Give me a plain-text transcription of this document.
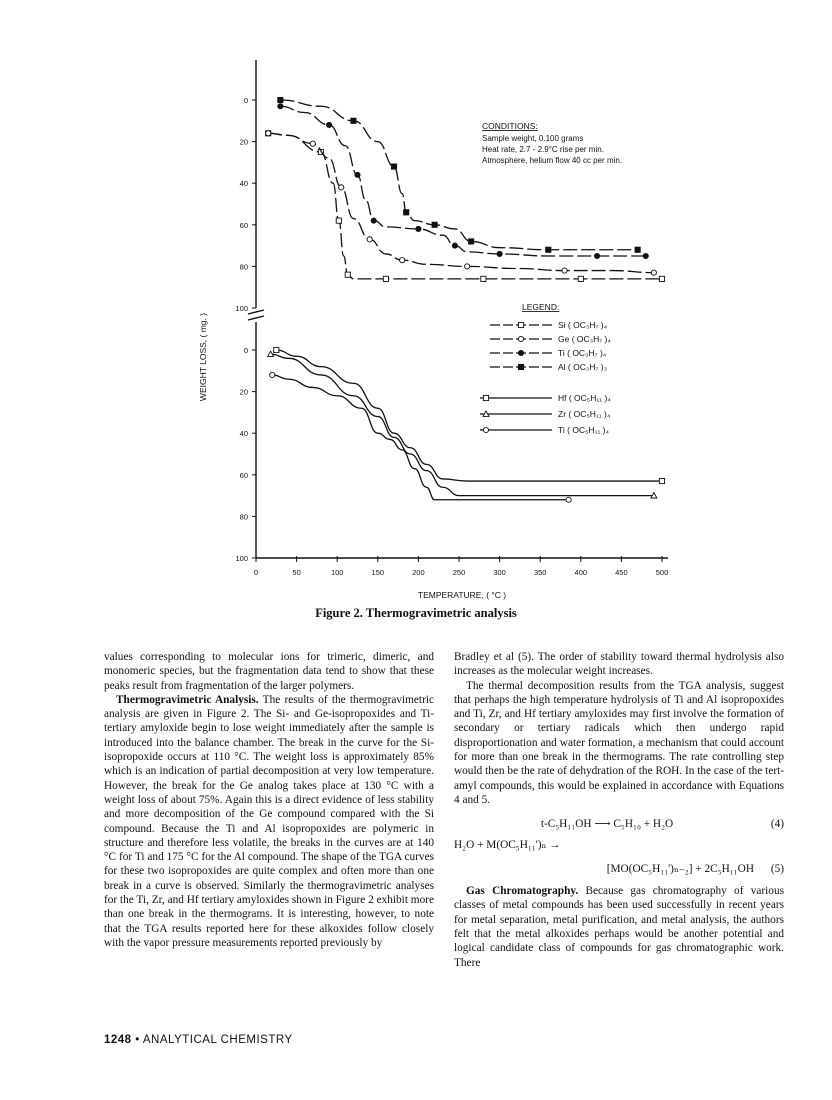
0	50	100	150	200	250	300	350	400	450	500
0
20
40
60
80
100
0
20
40
60
80
100
CONDITIONS:
Sample weight, 0.100 grams
Heat rate, 2.7 - 2.9°C rise per min.
Atmosphere, helium flow 40 cc per min.
LEGEND:
Si ( OC₃H₇ )₄
Ge ( OC₃H₇ )₄
Ti ( OC₃H₇ )₄
Al ( OC₃H₇ )₃
Hf ( OC₅H₁₁ )₄
Zr ( OC₅H₁₁ )₄
Ti ( OC₅H₁₁ )₄
WEIGHT LOSS, ( mg. )
TEMPERATURE, ( °C )
Figure 2. Thermogravimetric analysis

values corresponding to molecular ions for trimeric, dimeric, and monomeric species, but the fragmentation data tend to show that these peaks result from fragmentation of the larger polymers.

Thermogravimetric Analysis. The results of the thermogravimetric analysis are given in Figure 2. The Si- and Ge-isopropoxides and Ti-tertiary amyloxide begin to lose weight immediately after the sample is introduced into the balance chamber. The break in the curve for the Si-isopropoxide occurs at 110 °C. The weight loss is approximately 85% which is an indication of partial decomposition at very low temperature. However, the break for the Ge analog takes place at 130 °C with a weight loss of about 75%. Again this is a direct evidence of less stability and more decomposition of the Ge compound compared with the Si compound. Because the Ti and Al isopropoxides are polymeric in structure and therefore less volatile, the breaks in the curves are at 140 °C for Ti and 175 °C for the Al compound. The shape of the TGA curves for these two isopropoxides are quite complex and often more than one break in a curve is observed. Similarly the thermogravimetric analyses for the Ti, Zr, and Hf tertiary amyloxides shown in Figure 2 exhibit more than one break in the thermograms. It is interesting, however, to note that the TGA results reported here for these alkoxides follow closely with the vapor pressure measurements reported previously by

Bradley et al (5). The order of stability toward thermal hydrolysis also increases as the molecular weight increases.

The thermal decomposition results from the TGA analysis, suggest that perhaps the high temperature hydrolysis of Ti and Al isopropoxides and Ti, Zr, and Hf tertiary amyloxides may first involve the formation of secondary or tertiary radicals which then undergo rapid disproportionation and water formation, a mechanism that could account for more than one break in the thermograms. The rate controlling step would then be the rate of dehydration of the ROH. In the case of the tert-amyl compounds, this would be explained in accordance with Equations 4 and 5.

t-C₅H₁₁OH ⟶ C₅H₁₀ + H₂O	(4)
H₂O + M(OC₅H₁₁')ₙ →
[MO(OC₅H₁₁')ₙ₋₂] + 2C₅H₁₁OH	(5)

Gas Chromatography. Because gas chromatography of various classes of metal compounds has been used successfully in recent years for metal separation, metal purification, and metal analysis, the authors felt that the metal alkoxides perhaps would be another potential and logical candidate class of compounds for gas chromatographic work. There

1248 • ANALYTICAL CHEMISTRY
